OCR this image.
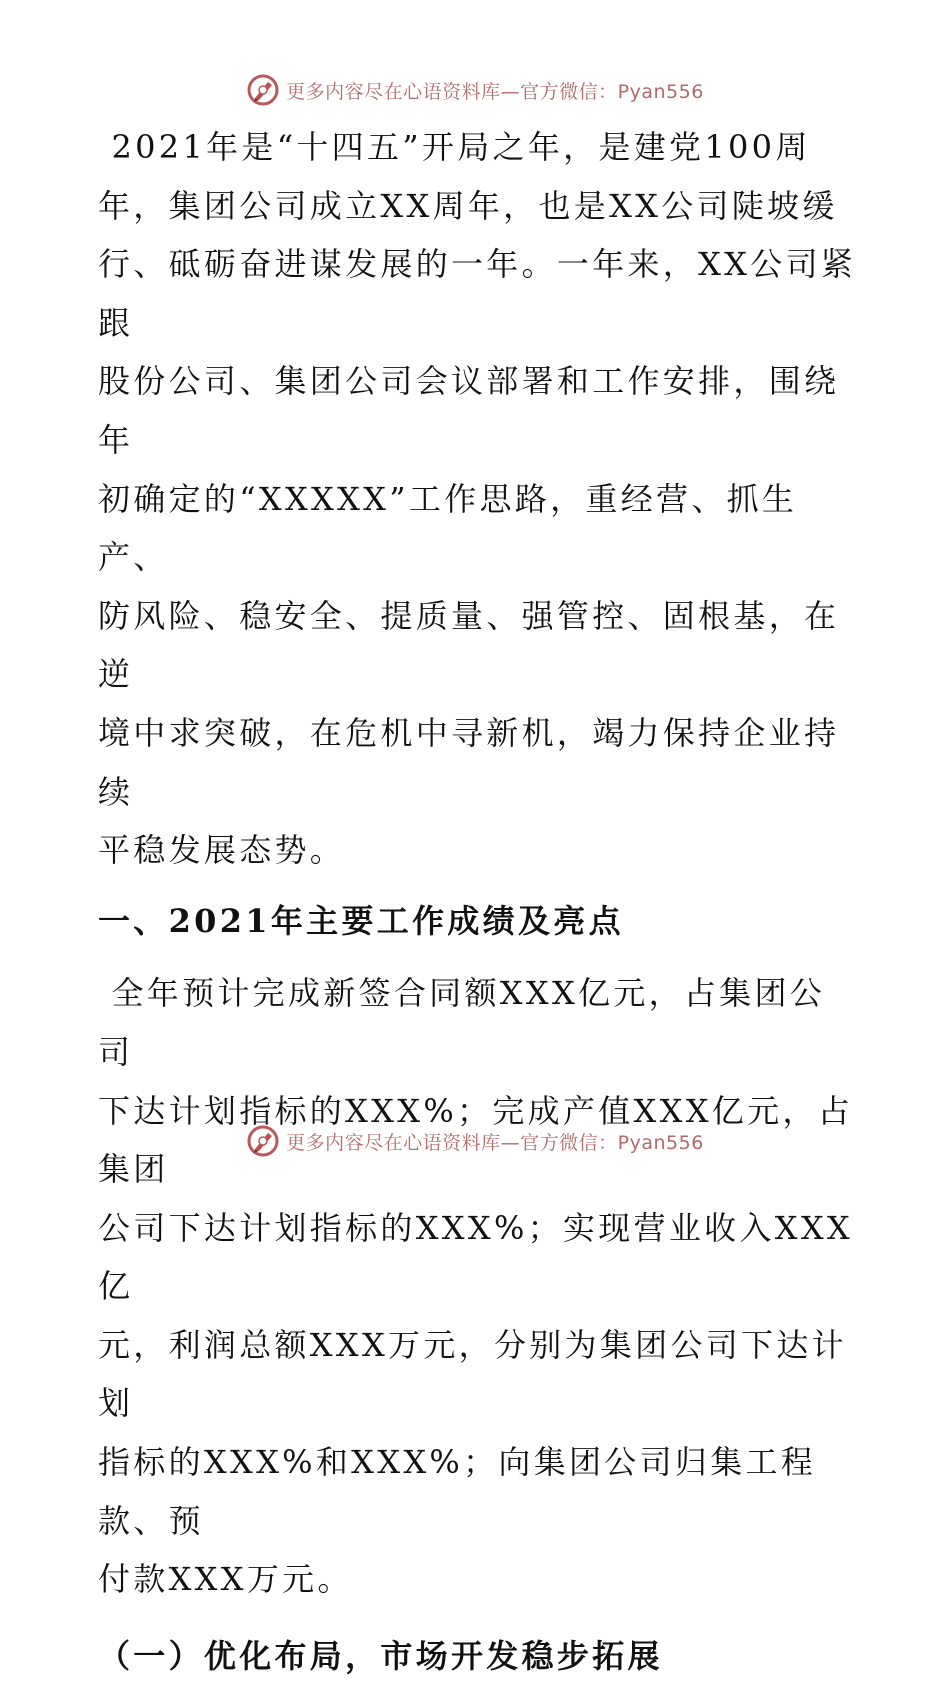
更多内容尽在心语资料库—官方微信：Pyan556

2021年是“十四五”开局之年，是建党100周

年，集团公司成立XX周年，也是XX公司陡坡缓

行、砥砺奋进谋发展的一年。一年来，XX公司紧跟

股份公司、集团公司会议部署和工作安排，围绕年

初确定的“XXXXX”工作思路，重经营、抓生产、

防风险、稳安全、提质量、强管控、固根基，在逆

境中求突破，在危机中寻新机，竭力保持企业持续

平稳发展态势。

一、2021年主要工作成绩及亮点

全年预计完成新签合同额XXX亿元，占集团公司

下达计划指标的XXX%；完成产值XXX亿元，占集团

公司下达计划指标的XXX%；实现营业收入XXX亿

元，利润总额XXX万元，分别为集团公司下达计划

指标的XXX%和XXX%；向集团公司归集工程款、预

付款XXX万元。

（一）优化布局，市场开发稳步拓展
更多内容尽在心语资料库—官方微信：Pyan556
